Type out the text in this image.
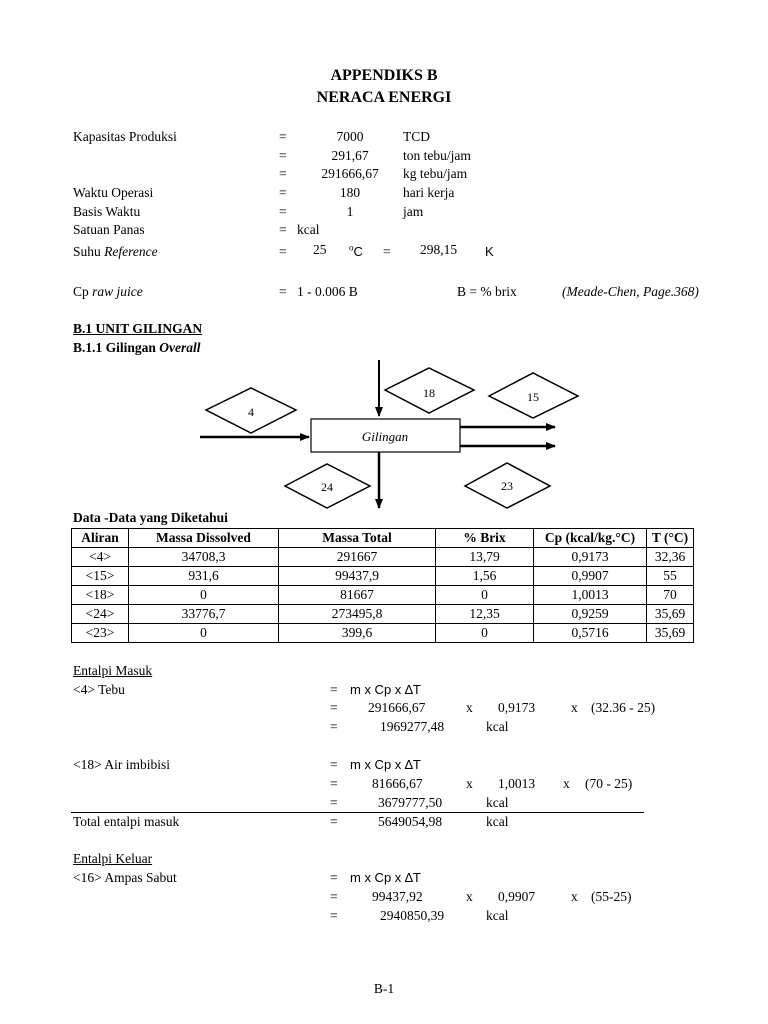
APPENDIKS B
NERACA ENERGI
Kapasitas Produksi	=	7000	TCD
=	291,67	ton tebu/jam
=	291666,67	kg tebu/jam
Waktu Operasi	=	180	hari kerja
Basis Waktu	=	1	jam
Satuan Panas	= kcal
Suhu Reference	= 25	$^o$C = 298,15 K
Cp raw juice	= 1 - 0.006 B	B = % brix	(Meade-Chen, Page.368)
B.1 UNIT GILINGAN
B.1.1 Gilingan Overall
4
18	15
24	23
Gilingan
Data -Data yang Diketahui
Aliran	Massa Dissolved	Massa Total	% Brix	Cp (kcal/kg.°C)	T (°C)
<4>	34708,3	291667	13,79	0,9173	32,36
<15>	931,6	99437,9	1,56	0,9907	55
<18>	0	81667	0	1,0013	70
<24>	33776,7	273495,8	12,35	0,9259	35,69
<23>	0	399,6	0	0,5716	35,69
Entalpi Masuk
<4> Tebu	= m x Cp x ∆T
= 291666,67	x 0,9173	x (32.36 - 25)
=	1969277,48	kcal
<18> Air imbibisi	= m x Cp x ∆T
=	81666,67	x 1,0013 x (70 - 25)
=	3679777,50	kcal
Total entalpi masuk	=	5649054,98	kcal
Entalpi Keluar
<16> Ampas Sabut	= m x Cp x ∆T
=	99437,92	x 0,9907	x (55-25)
=	2940850,39	kcal
B-1
